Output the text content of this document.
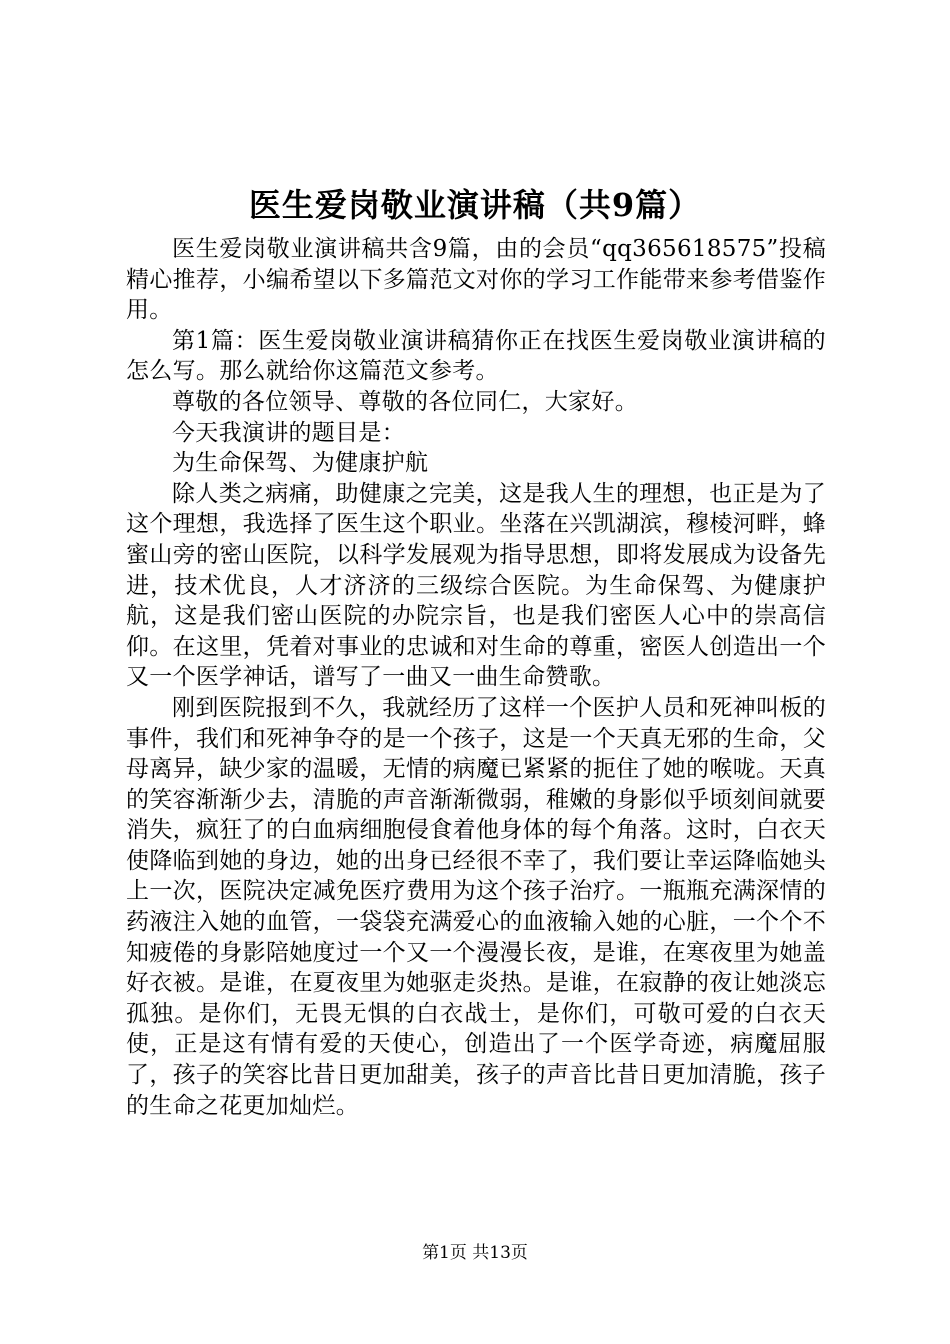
医生爱岗敬业演讲稿（共9篇）

医生爱岗敬业演讲稿共含9篇，由的会员“qq365618575”投稿精心推荐，小编希望以下多篇范文对你的学习工作能带来参考借鉴作用。

第1篇：医生爱岗敬业演讲稿猜你正在找医生爱岗敬业演讲稿的怎么写。那么就给你这篇范文参考。

尊敬的各位领导、尊敬的各位同仁，大家好。

今天我演讲的题目是：

为生命保驾、为健康护航

除人类之病痛，助健康之完美，这是我人生的理想，也正是为了这个理想，我选择了医生这个职业。坐落在兴凯湖滨，穆棱河畔，蜂蜜山旁的密山医院，以科学发展观为指导思想，即将发展成为设备先进，技术优良，人才济济的三级综合医院。为生命保驾、为健康护航，这是我们密山医院的办院宗旨，也是我们密医人心中的崇高信仰。在这里，凭着对事业的忠诚和对生命的尊重，密医人创造出一个又一个医学神话，谱写了一曲又一曲生命赞歌。

刚到医院报到不久，我就经历了这样一个医护人员和死神叫板的事件，我们和死神争夺的是一个孩子，这是一个天真无邪的生命，父母离异，缺少家的温暖，无情的病魔已紧紧的扼住了她的喉咙。天真的笑容渐渐少去，清脆的声音渐渐微弱，稚嫩的身影似乎顷刻间就要消失，疯狂了的白血病细胞侵食着他身体的每个角落。这时，白衣天使降临到她的身边，她的出身已经很不幸了，我们要让幸运降临她头上一次，医院决定减免医疗费用为这个孩子治疗。一瓶瓶充满深情的药液注入她的血管，一袋袋充满爱心的血液输入她的心脏，一个个不知疲倦的身影陪她度过一个又一个漫漫长夜，是谁，在寒夜里为她盖好衣被。是谁，在夏夜里为她驱走炎热。是谁，在寂静的夜让她淡忘孤独。是你们，无畏无惧的白衣战士，是你们，可敬可爱的白衣天使，正是这有情有爱的天使心，创造出了一个医学奇迹，病魔屈服了，孩子的笑容比昔日更加甜美，孩子的声音比昔日更加清脆，孩子的生命之花更加灿烂。

第1页 共13页
